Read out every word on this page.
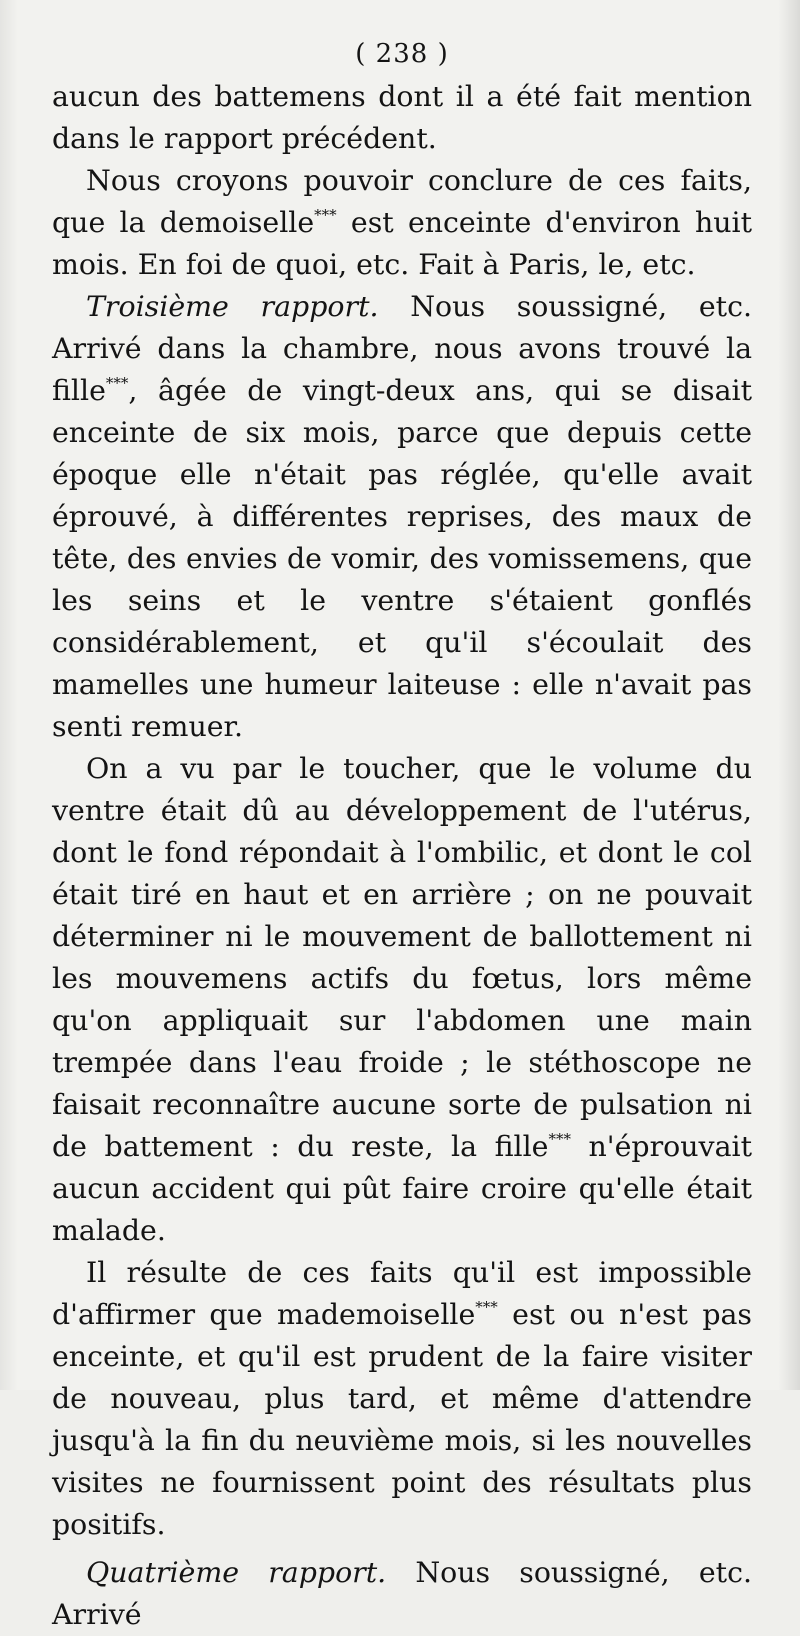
( 238 )

aucun des battemens dont il a été fait mention dans le rapport précédent.

Nous croyons pouvoir conclure de ces faits, que la demoiselle*** est enceinte d'environ huit mois. En foi de quoi, etc. Fait à Paris, le, etc.

Troisième rapport. Nous soussigné, etc. Arrivé dans la chambre, nous avons trouvé la fille***, âgée de vingt-deux ans, qui se disait enceinte de six mois, parce que depuis cette époque elle n'était pas réglée, qu'elle avait éprouvé, à différentes reprises, des maux de tête, des envies de vomir, des vomissemens, que les seins et le ventre s'étaient gonflés considérablement, et qu'il s'écoulait des mamelles une humeur laiteuse : elle n'avait pas senti remuer.

On a vu par le toucher, que le volume du ventre était dû au développement de l'utérus, dont le fond répondait à l'ombilic, et dont le col était tiré en haut et en arrière ; on ne pouvait déterminer ni le mouvement de ballottement ni les mouvemens actifs du fœtus, lors même qu'on appliquait sur l'abdomen une main trempée dans l'eau froide ; le stéthoscope ne faisait reconnaître aucune sorte de pulsation ni de battement : du reste, la fille*** n'éprouvait aucun accident qui pût faire croire qu'elle était malade.

Il résulte de ces faits qu'il est impossible d'affirmer que mademoiselle*** est ou n'est pas enceinte, et qu'il est prudent de la faire visiter de nouveau, plus tard, et même d'attendre jusqu'à la fin du neuvième mois, si les nouvelles visites ne fournissent point des résultats plus positifs.

Quatrième rapport. Nous soussigné, etc. Arrivé
